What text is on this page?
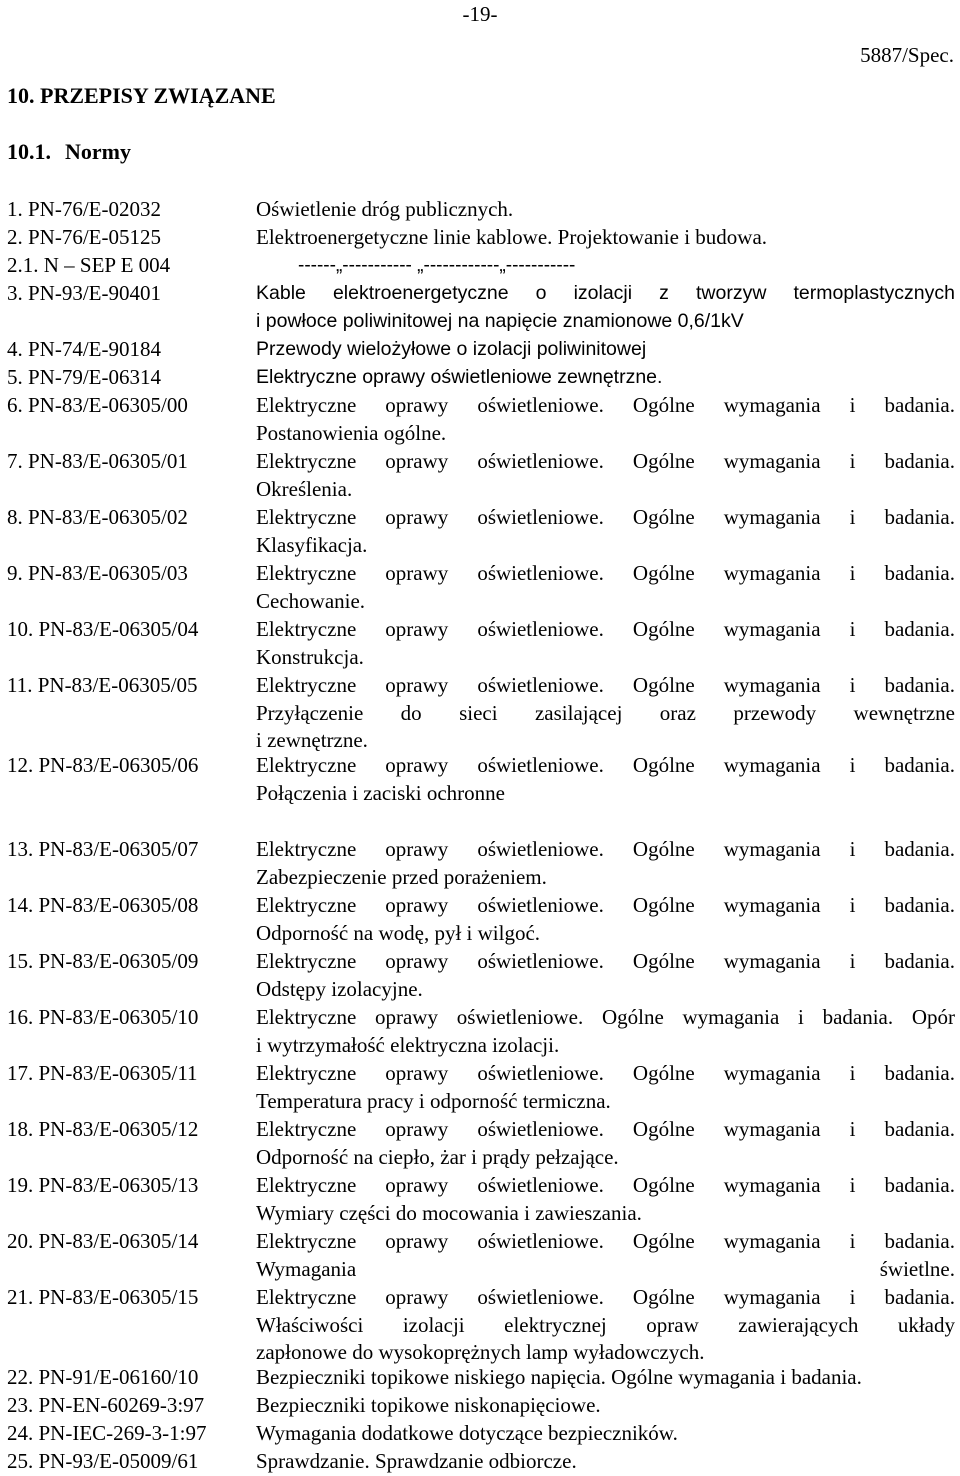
-19-
5887/Spec.
10. PRZEPISY ZWIĄZANE
10.1. Normy
1. PN-76/E-02032	Oświetlenie dróg publicznych.
2. PN-76/E-05125	Elektroenergetyczne linie kablowe. Projektowanie i budowa.
2.1. N – SEP E 004	------„----------- „------------„-----------
3. PN-93/E-90401	Kable elektroenergetyczne o izolacji z tworzyw termoplastycznych
i powłoce poliwinitowej na napięcie znamionowe 0,6/1kV
4. PN-74/E-90184	Przewody wielożyłowe o izolacji poliwinitowej
5. PN-79/E-06314	Elektryczne oprawy oświetleniowe zewnętrzne.
6. PN-83/E-06305/00	Elektryczne oprawy oświetleniowe. Ogólne wymagania i badania.
Postanowienia ogólne.
7. PN-83/E-06305/01	Elektryczne oprawy oświetleniowe. Ogólne wymagania i badania.
Określenia.
8. PN-83/E-06305/02	Elektryczne oprawy oświetleniowe. Ogólne wymagania i badania.
Klasyfikacja.
9. PN-83/E-06305/03	Elektryczne oprawy oświetleniowe. Ogólne wymagania i badania.
Cechowanie.
10. PN-83/E-06305/04	Elektryczne oprawy oświetleniowe. Ogólne wymagania i badania.
Konstrukcja.
11. PN-83/E-06305/05	Elektryczne oprawy oświetleniowe. Ogólne wymagania i badania.
Przyłączenie do sieci zasilającej oraz przewody wewnętrzne
i zewnętrzne.
12. PN-83/E-06305/06	Elektryczne oprawy oświetleniowe. Ogólne wymagania i badania.
Połączenia i zaciski ochronne
13. PN-83/E-06305/07	Elektryczne oprawy oświetleniowe. Ogólne wymagania i badania.
Zabezpieczenie przed porażeniem.
14. PN-83/E-06305/08	Elektryczne oprawy oświetleniowe. Ogólne wymagania i badania.
Odporność na wodę, pył i wilgoć.
15. PN-83/E-06305/09	Elektryczne oprawy oświetleniowe. Ogólne wymagania i badania.
Odstępy izolacyjne.
16. PN-83/E-06305/10	Elektryczne oprawy oświetleniowe. Ogólne wymagania i badania. Opór
i wytrzymałość elektryczna izolacji.
17. PN-83/E-06305/11	Elektryczne oprawy oświetleniowe. Ogólne wymagania i badania.
Temperatura pracy i odporność termiczna.
18. PN-83/E-06305/12	Elektryczne oprawy oświetleniowe. Ogólne wymagania i badania.
Odporność na ciepło, żar i prądy pełzające.
19. PN-83/E-06305/13	Elektryczne oprawy oświetleniowe. Ogólne wymagania i badania.
Wymiary części do mocowania i zawieszania.
20. PN-83/E-06305/14	Elektryczne oprawy oświetleniowe. Ogólne wymagania i badania.
Wymagania świetlne.
21. PN-83/E-06305/15	Elektryczne oprawy oświetleniowe. Ogólne wymagania i badania.
Właściwości izolacji elektrycznej opraw zawierających układy
zapłonowe do wysokoprężnych lamp wyładowczych.
22. PN-91/E-06160/10	Bezpieczniki topikowe niskiego napięcia. Ogólne wymagania i badania.
23. PN-EN-60269-3:97 Bezpieczniki topikowe niskonapięciowe.
24. PN-IEC-269-3-1:97 Wymagania dodatkowe dotyczące bezpieczników.
25. PN-93/E-05009/61	Sprawdzanie. Sprawdzanie odbiorcze.
